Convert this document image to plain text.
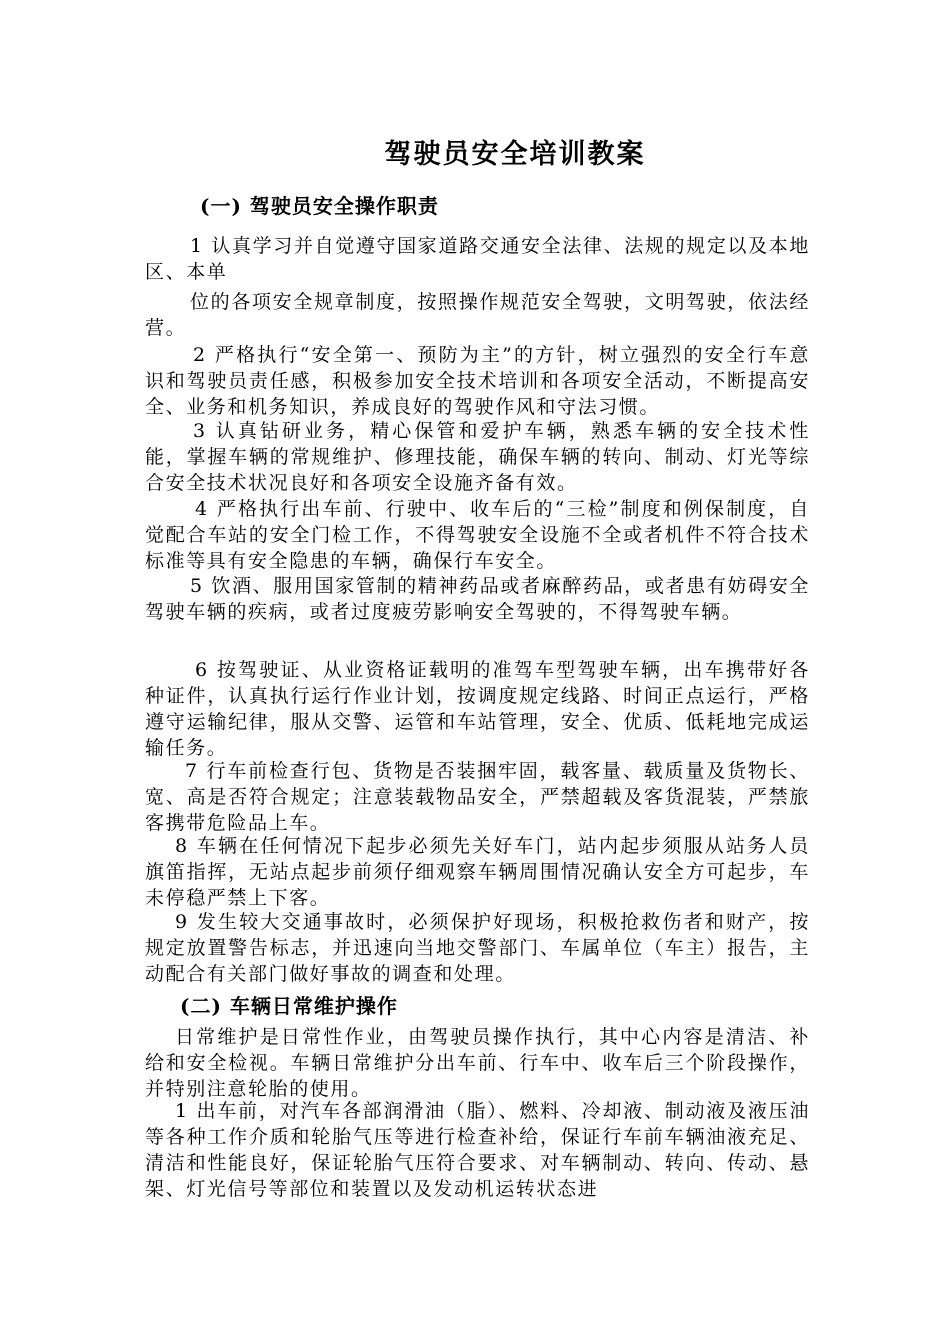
驾驶员安全培训教案
(一) 驾驶员安全操作职责
1 认真学习并自觉遵守国家道路交通安全法律、法规的规定以及本地区、本单
位的各项安全规章制度，按照操作规范安全驾驶，文明驾驶，依法经营。
2 严格执行“安全第一、预防为主”的方针，树立强烈的安全行车意识和驾驶员责任感，积极参加安全技术培训和各项安全活动，不断提高安全、业务和机务知识，养成良好的驾驶作风和守法习惯。
3 认真钻研业务，精心保管和爱护车辆，熟悉车辆的安全技术性能，掌握车辆的常规维护、修理技能，确保车辆的转向、制动、灯光等综合安全技术状况良好和各项安全设施齐备有效。
4 严格执行出车前、行驶中、收车后的“三检”制度和例保制度，自觉配合车站的安全门检工作，不得驾驶安全设施不全或者机件不符合技术标准等具有安全隐患的车辆，确保行车安全。
5 饮酒、服用国家管制的精神药品或者麻醉药品，或者患有妨碍安全驾驶车辆的疾病，或者过度疲劳影响安全驾驶的，不得驾驶车辆。
6 按驾驶证、从业资格证载明的准驾车型驾驶车辆，出车携带好各种证件，认真执行运行作业计划，按调度规定线路、时间正点运行，严格遵守运输纪律，服从交警、运管和车站管理，安全、优质、低耗地完成运输任务。
7 行车前检查行包、货物是否装捆牢固，载客量、载质量及货物长、宽、高是否符合规定；注意装载物品安全，严禁超载及客货混装，严禁旅客携带危险品上车。
8 车辆在任何情况下起步必须先关好车门，站内起步须服从站务人员旗笛指挥，无站点起步前须仔细观察车辆周围情况确认安全方可起步，车未停稳严禁上下客。
9 发生较大交通事故时，必须保护好现场，积极抢救伤者和财产，按规定放置警告标志，并迅速向当地交警部门、车属单位（车主）报告，主动配合有关部门做好事故的调查和处理。
(二) 车辆日常维护操作
日常维护是日常性作业，由驾驶员操作执行，其中心内容是清洁、补给和安全检视。车辆日常维护分出车前、行车中、收车后三个阶段操作，并特别注意轮胎的使用。
1 出车前，对汽车各部润滑油（脂）、燃料、冷却液、制动液及液压油等各种工作介质和轮胎气压等进行检查补给，保证行车前车辆油液充足、清洁和性能良好，保证轮胎气压符合要求、对车辆制动、转向、传动、悬架、灯光信号等部位和装置以及发动机运转状态进
